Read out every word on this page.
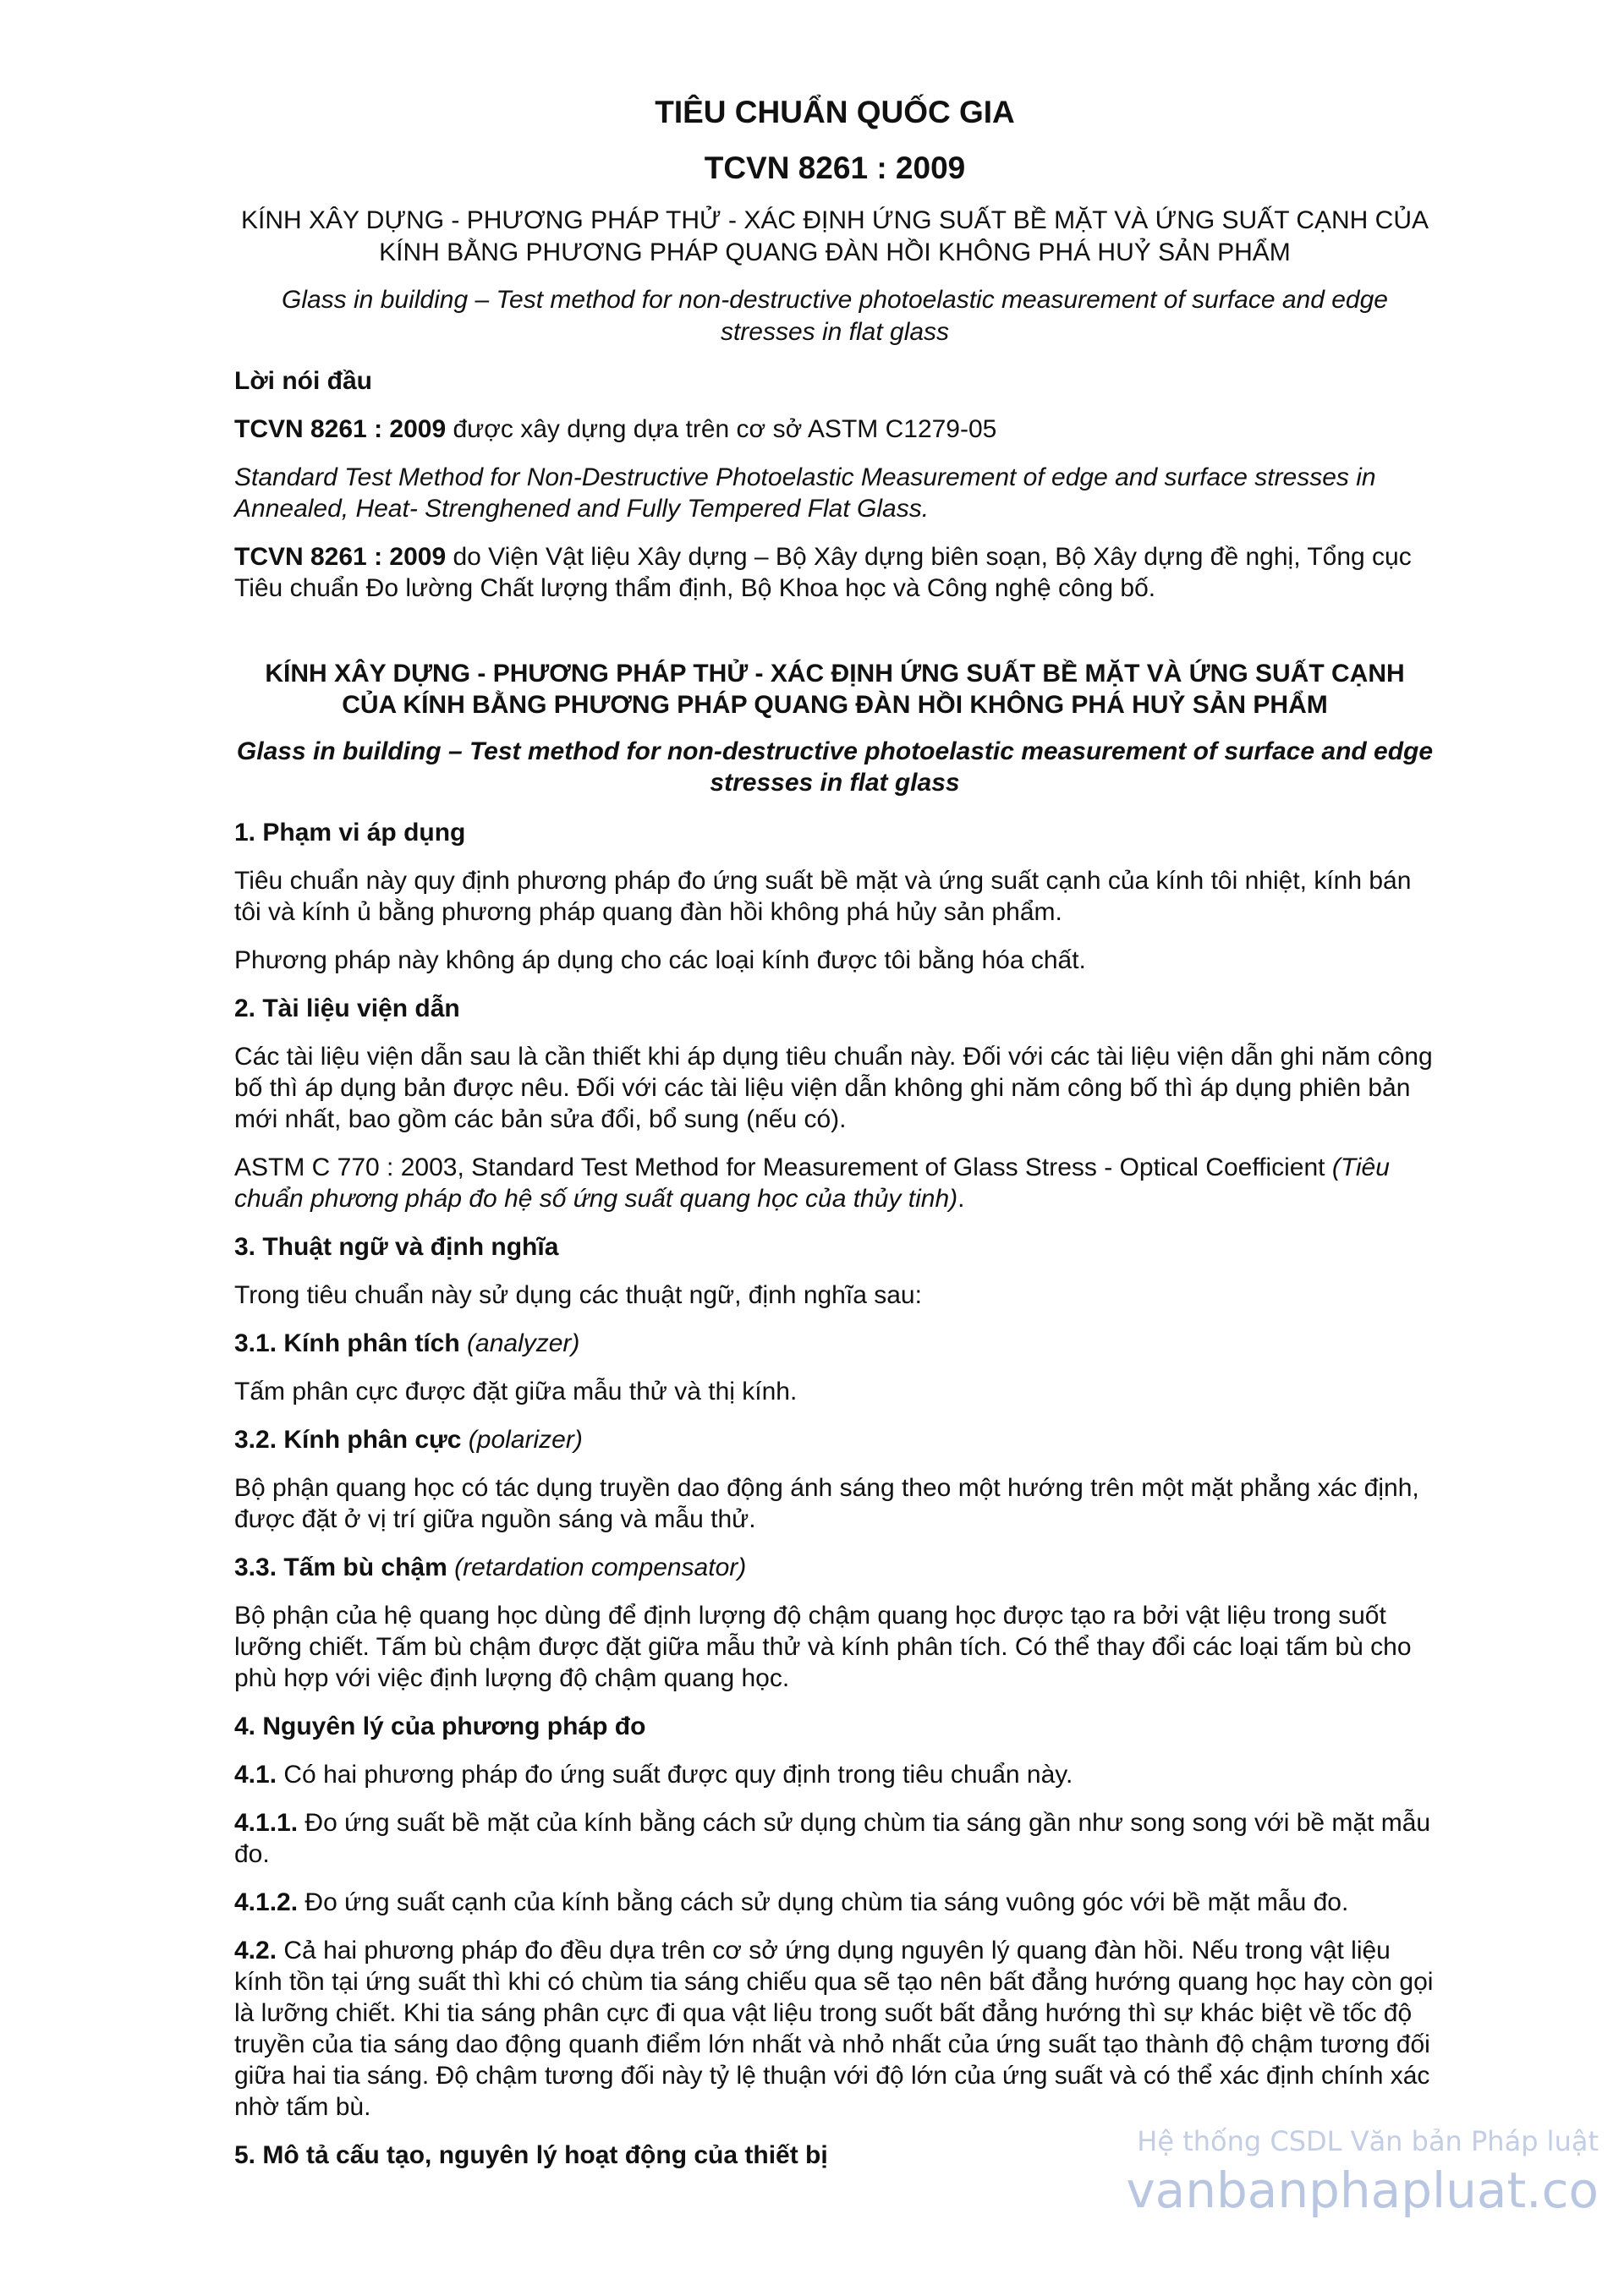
TIÊU CHUẨN QUỐC GIA
TCVN 8261 : 2009
KÍNH XÂY DỰNG - PHƯƠNG PHÁP THỬ - XÁC ĐỊNH ỨNG SUẤT BỀ MẶT VÀ ỨNG SUẤT CẠNH CỦA KÍNH BẰNG PHƯƠNG PHÁP QUANG ĐÀN HỒI KHÔNG PHÁ HUỶ SẢN PHẨM
Glass in building – Test method for non-destructive photoelastic measurement of surface and edge stresses in flat glass
Lời nói đầu
TCVN 8261 : 2009 được xây dựng dựa trên cơ sở ASTM C1279-05
Standard Test Method for Non-Destructive Photoelastic Measurement of edge and surface stresses in Annealed, Heat- Strenghened and Fully Tempered Flat Glass.
TCVN 8261 : 2009 do Viện Vật liệu Xây dựng – Bộ Xây dựng biên soạn, Bộ Xây dựng đề nghị, Tổng cục Tiêu chuẩn Đo lường Chất lượng thẩm định, Bộ Khoa học và Công nghệ công bố.
KÍNH XÂY DỰNG - PHƯƠNG PHÁP THỬ - XÁC ĐỊNH ỨNG SUẤT BỀ MẶT VÀ ỨNG SUẤT CẠNH CỦA KÍNH BẰNG PHƯƠNG PHÁP QUANG ĐÀN HỒI KHÔNG PHÁ HUỶ SẢN PHẨM
Glass in building – Test method for non-destructive photoelastic measurement of surface and edge stresses in flat glass
1. Phạm vi áp dụng
Tiêu chuẩn này quy định phương pháp đo ứng suất bề mặt và ứng suất cạnh của kính tôi nhiệt, kính bán tôi và kính ủ bằng phương pháp quang đàn hồi không phá hủy sản phẩm.
Phương pháp này không áp dụng cho các loại kính được tôi bằng hóa chất.
2. Tài liệu viện dẫn
Các tài liệu viện dẫn sau là cần thiết khi áp dụng tiêu chuẩn này. Đối với các tài liệu viện dẫn ghi năm công bố thì áp dụng bản được nêu. Đối với các tài liệu viện dẫn không ghi năm công bố thì áp dụng phiên bản mới nhất, bao gồm các bản sửa đổi, bổ sung (nếu có).
ASTM C 770 : 2003, Standard Test Method for Measurement of Glass Stress - Optical Coefficient (Tiêu chuẩn phương pháp đo hệ số ứng suất quang học của thủy tinh).
3. Thuật ngữ và định nghĩa
Trong tiêu chuẩn này sử dụng các thuật ngữ, định nghĩa sau:
3.1. Kính phân tích (analyzer)
Tấm phân cực được đặt giữa mẫu thử và thị kính.
3.2. Kính phân cực (polarizer)
Bộ phận quang học có tác dụng truyền dao động ánh sáng theo một hướng trên một mặt phẳng xác định, được đặt ở vị trí giữa nguồn sáng và mẫu thử.
3.3. Tấm bù chậm (retardation compensator)
Bộ phận của hệ quang học dùng để định lượng độ chậm quang học được tạo ra bởi vật liệu trong suốt lưỡng chiết. Tấm bù chậm được đặt giữa mẫu thử và kính phân tích. Có thể thay đổi các loại tấm bù cho phù hợp với việc định lượng độ chậm quang học.
4. Nguyên lý của phương pháp đo
4.1. Có hai phương pháp đo ứng suất được quy định trong tiêu chuẩn này.
4.1.1. Đo ứng suất bề mặt của kính bằng cách sử dụng chùm tia sáng gần như song song với bề mặt mẫu đo.
4.1.2. Đo ứng suất cạnh của kính bằng cách sử dụng chùm tia sáng vuông góc với bề mặt mẫu đo.
4.2. Cả hai phương pháp đo đều dựa trên cơ sở ứng dụng nguyên lý quang đàn hồi. Nếu trong vật liệu kính tồn tại ứng suất thì khi có chùm tia sáng chiếu qua sẽ tạo nên bất đẳng hướng quang học hay còn gọi là lưỡng chiết. Khi tia sáng phân cực đi qua vật liệu trong suốt bất đẳng hướng thì sự khác biệt về tốc độ truyền của tia sáng dao động quanh điểm lớn nhất và nhỏ nhất của ứng suất tạo thành độ chậm tương đối giữa hai tia sáng. Độ chậm tương đối này tỷ lệ thuận với độ lớn của ứng suất và có thể xác định chính xác nhờ tấm bù.
5. Mô tả cấu tạo, nguyên lý hoạt động của thiết bị	Hệ thống CSDL Văn bản Pháp luật
vanbanphapluat.co
